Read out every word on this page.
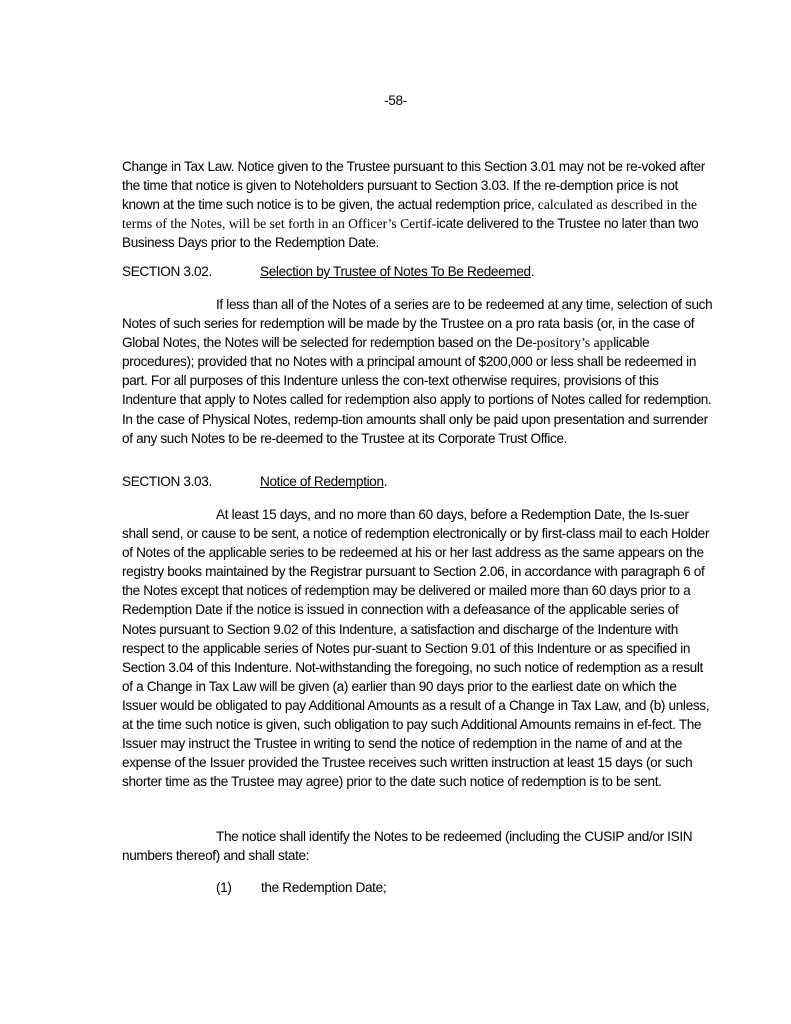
-58-

Change in Tax Law. Notice given to the Trustee pursuant to this Section 3.01 may not be re-voked after the time that notice is given to Noteholders pursuant to Section 3.03. If the re-demption price is not known at the time such notice is to be given, the actual redemption price, calculated as described in the terms of the Notes, will be set forth in an Officer’s Certif-icate delivered to the Trustee no later than two Business Days prior to the Redemption Date.

SECTION 3.02.	Selection by Trustee of Notes To Be Redeemed.

If less than all of the Notes of a series are to be redeemed at any time, selection of such Notes of such series for redemption will be made by the Trustee on a pro rata basis (or, in the case of Global Notes, the Notes will be selected for redemption based on the De-pository’s applicable procedures); provided that no Notes with a principal amount of $200,000 or less shall be redeemed in part. For all purposes of this Indenture unless the con-text otherwise requires, provisions of this Indenture that apply to Notes called for redemption also apply to portions of Notes called for redemption. In the case of Physical Notes, redemp-tion amounts shall only be paid upon presentation and surrender of any such Notes to be re-deemed to the Trustee at its Corporate Trust Office.

SECTION 3.03.	Notice of Redemption.

At least 15 days, and no more than 60 days, before a Redemption Date, the Is-suer shall send, or cause to be sent, a notice of redemption electronically or by first-class mail to each Holder of Notes of the applicable series to be redeemed at his or her last address as the same appears on the registry books maintained by the Registrar pursuant to Section 2.06, in accordance with paragraph 6 of the Notes except that notices of redemption may be delivered or mailed more than 60 days prior to a Redemption Date if the notice is issued in connection with a defeasance of the applicable series of Notes pursuant to Section 9.02 of this Indenture, a satisfaction and discharge of the Indenture with respect to the applicable series of Notes pur-suant to Section 9.01 of this Indenture or as specified in Section 3.04 of this Indenture. Not-withstanding the foregoing, no such notice of redemption as a result of a Change in Tax Law will be given (a) earlier than 90 days prior to the earliest date on which the Issuer would be obligated to pay Additional Amounts as a result of a Change in Tax Law, and (b) unless, at the time such notice is given, such obligation to pay such Additional Amounts remains in ef-fect. The Issuer may instruct the Trustee in writing to send the notice of redemption in the name of and at the expense of the Issuer provided the Trustee receives such written instruction at least 15 days (or such shorter time as the Trustee may agree) prior to the date such notice of redemption is to be sent.

The notice shall identify the Notes to be redeemed (including the CUSIP and/or ISIN numbers thereof) and shall state:

(1) the Redemption Date;
